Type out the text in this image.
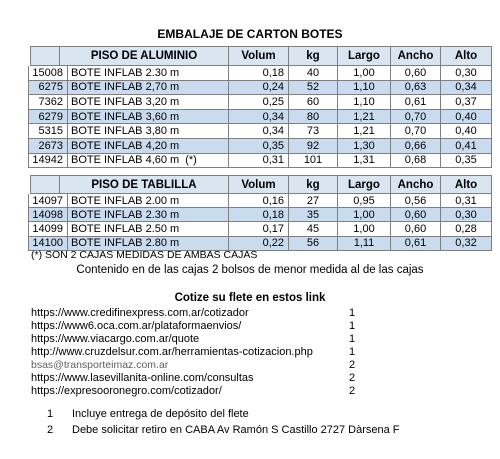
EMBALAJE DE CARTON BOTES
PISO DE ALUMINIO	Volum	kg	Largo	Ancho	Alto
15008 BOTE INFLAB 2.30 m	0,18	40	1,00	0,60	0,30
6275 BOTE INFLAB 2,70 m	0,24	52	1,10	0,63	0,34
7362 BOTE INFLAB 3,20 m	0,25	60	1,10	0,61	0,37
6279 BOTE INFLAB 3,60 m	0,34	80	1,21	0,70	0,40
5315 BOTE INFLAB 3,80 m	0,34	73	1,21	0,70	0,40
2673 BOTE INFLAB 4,20 m	0,35	92	1,30	0,66	0,41
14942 BOTE INFLAB 4,60 m (*)	0,31	101	1,31	0,68	0,35
PISO DE TABLILLA	Volum	kg	Largo	Ancho	Alto
14097 BOTE INFLAB 2.00 m	0,16	27	0,95	0,56	0,31
14098 BOTE INFLAB 2.30 m	0,18	35	1,00	0,60	0,30
14099 BOTE INFLAB 2.50 m	0,17	45	1,00	0,60	0,28
14100 BOTE INFLAB 2.80 m	0,22	56	1,11	0,61	0,32
(*) SON 2 CAJAS MEDIDAS DE AMBAS CAJAS
Contenido en de las cajas 2 bolsos de menor medida al de las cajas
Cotize su flete en estos link
https://www.credifinexpress.com.ar/cotizador	1
https://www6.oca.com.ar/plataformaenvios/	1
https://www.viacargo.com.ar/quote	1
http://www.cruzdelsur.com.ar/herramientas-cotizacion.php	1
bsas@transporteimaz.com.ar	2
https://www.lasevillanita-online.com/consultas	2
https://expresooronegro.com/cotizador/	2
1	Incluye entrega de depósito del flete
2	Debe solicitar retiro en CABA Av Ramón S Castillo 2727 Dàrsena F
